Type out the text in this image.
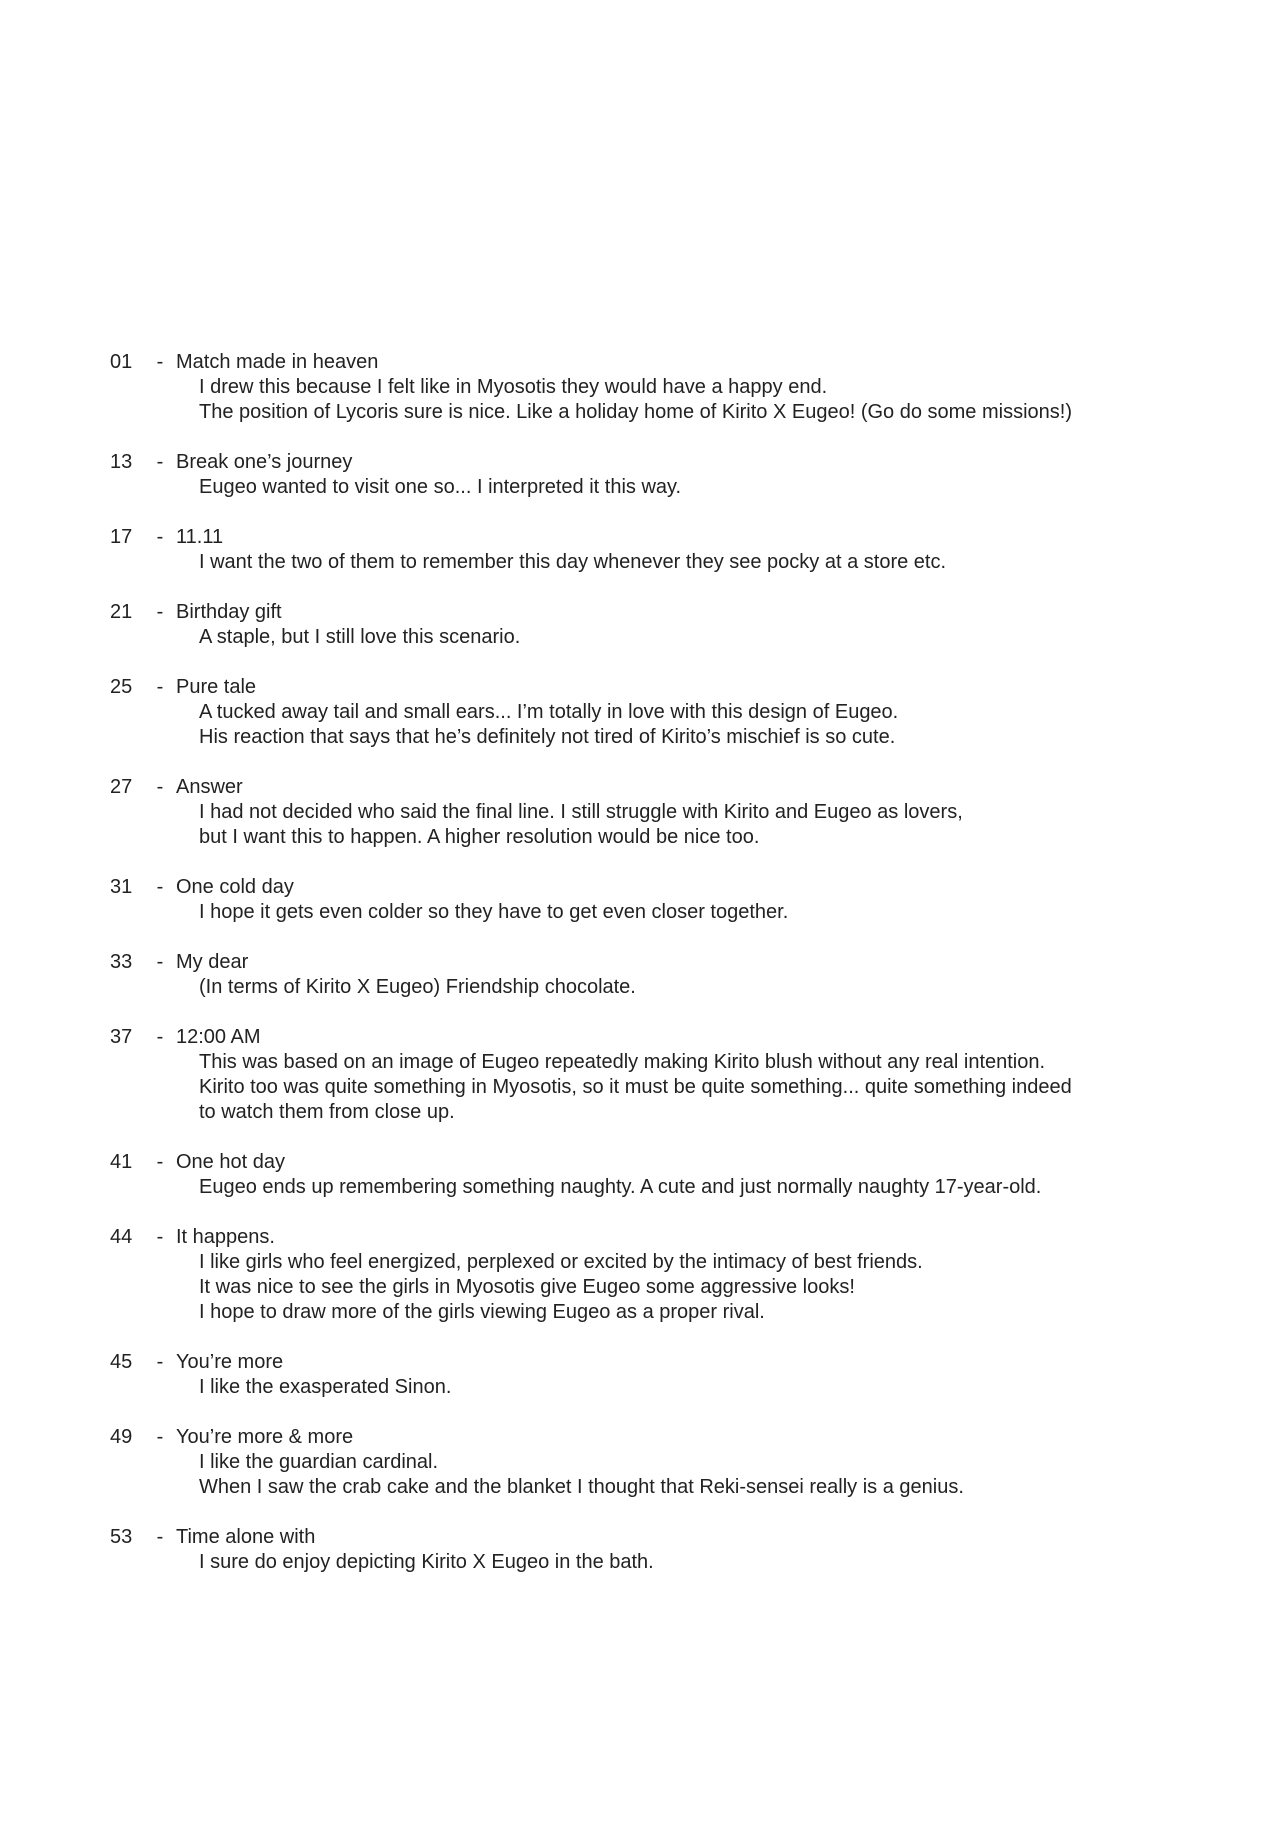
01	- Match made in heaven
I drew this because I felt like in Myosotis they would have a happy end.
The position of Lycoris sure is nice. Like a holiday home of Kirito X Eugeo! (Go do some missions!)
13	- Break one’s journey
Eugeo wanted to visit one so... I interpreted it this way.
17	- 11.11
I want the two of them to remember this day whenever they see pocky at a store etc.
21	- Birthday gift
A staple, but I still love this scenario.
25	- Pure tale
A tucked away tail and small ears... I’m totally in love with this design of Eugeo.
His reaction that says that he’s definitely not tired of Kirito’s mischief is so cute.
27	- Answer
I had not decided who said the final line. I still struggle with Kirito and Eugeo as lovers,
but I want this to happen. A higher resolution would be nice too.
31	- One cold day
I hope it gets even colder so they have to get even closer together.
33	- My dear
(In terms of Kirito X Eugeo) Friendship chocolate.
37	- 12:00 AM
This was based on an image of Eugeo repeatedly making Kirito blush without any real intention.
Kirito too was quite something in Myosotis, so it must be quite something... quite something indeed
to watch them from close up.
41	- One hot day
Eugeo ends up remembering something naughty. A cute and just normally naughty 17-year-old.
44	- It happens.
I like girls who feel energized, perplexed or excited by the intimacy of best friends.
It was nice to see the girls in Myosotis give Eugeo some aggressive looks!
I hope to draw more of the girls viewing Eugeo as a proper rival.
45	- You’re more
I like the exasperated Sinon.
49	- You’re more & more
I like the guardian cardinal.
When I saw the crab cake and the blanket I thought that Reki-sensei really is a genius.
53	- Time alone with
I sure do enjoy depicting Kirito X Eugeo in the bath.
